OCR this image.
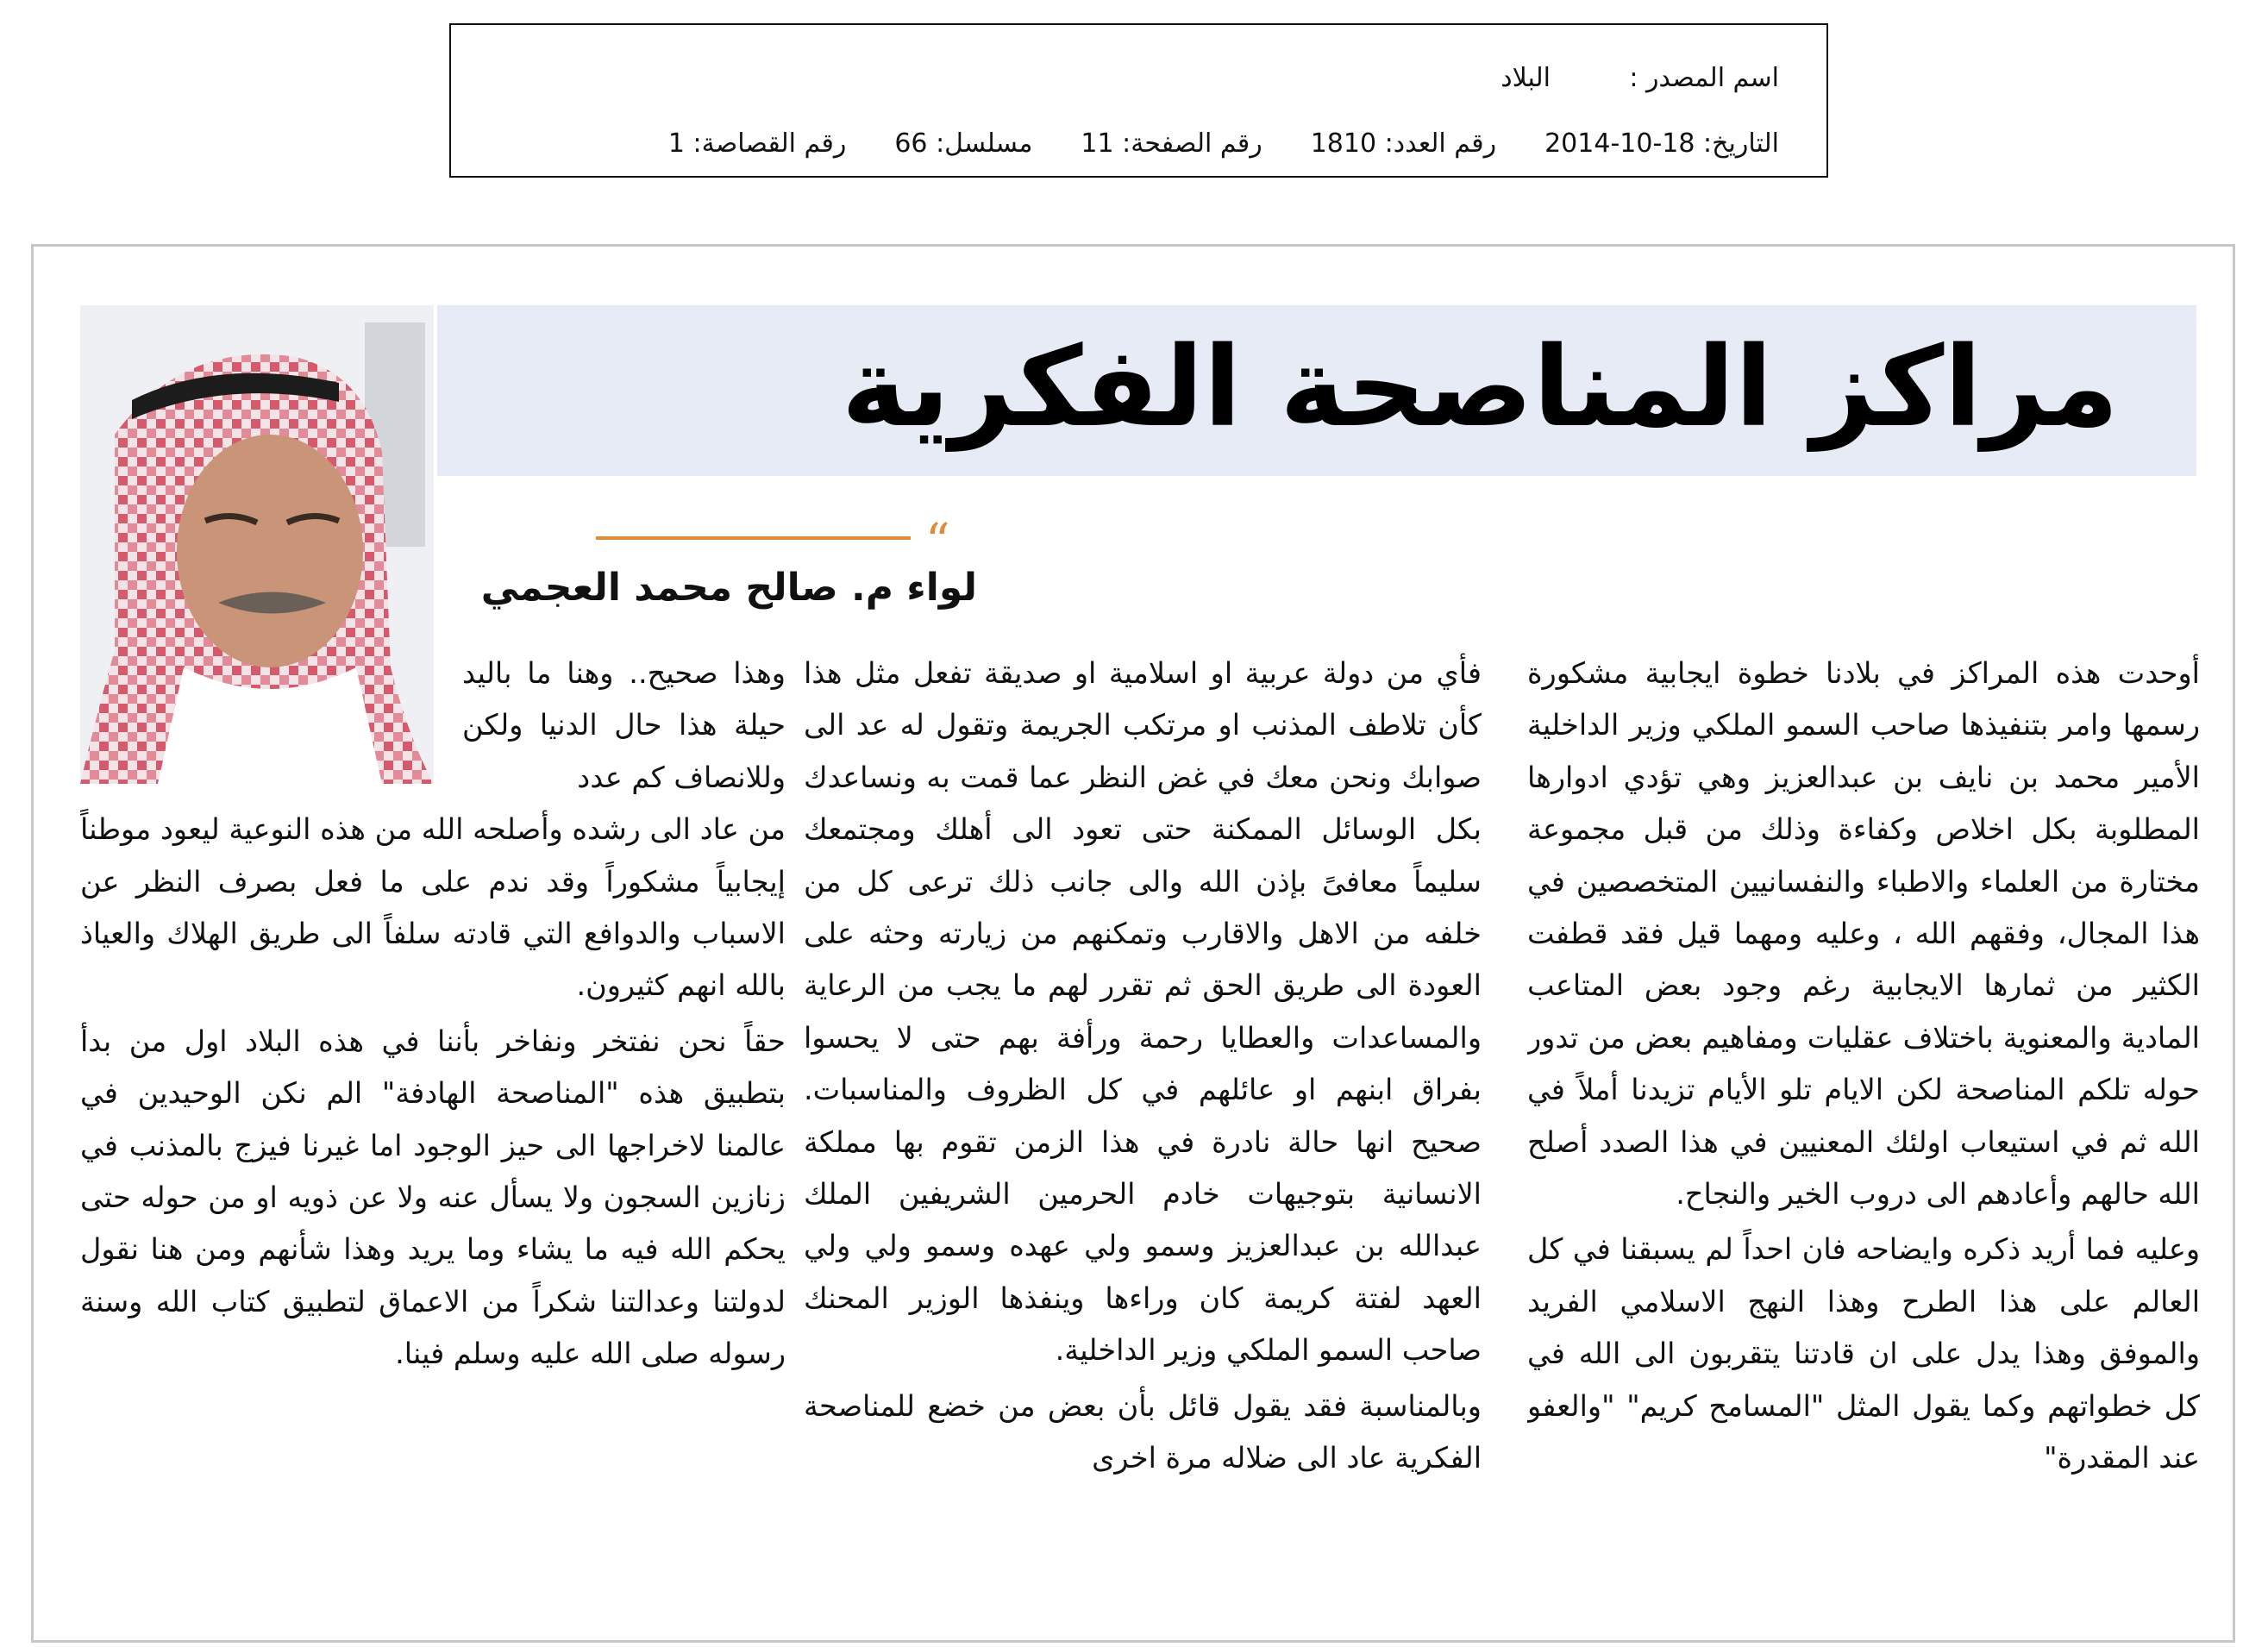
اسم المصدر :
البلاد
التاريخ: 18-10-2014
رقم العدد: 1810
رقم الصفحة: 11
مسلسل: 66
رقم القصاصة: 1
مراكز المناصحة الفكرية
“
لواء م. صالح محمد العجمي

أوحدت هذه المراكز في بلادنا خطوة ايجابية مشكورة رسمها وامر بتنفيذها صاحب السمو الملكي وزير الداخلية الأمير محمد بن نايف بن عبدالعزيز وهي تؤدي ادوارها المطلوبة بكل اخلاص وكفاءة وذلك من قبل مجموعة مختارة من العلماء والاطباء والنفسانيين المتخصصين في هذا المجال، وفقهم الله ، وعليه ومهما قيل فقد قطفت الكثير من ثمارها الايجابية رغم وجود بعض المتاعب المادية والمعنوية باختلاف عقليات ومفاهيم بعض من تدور حوله تلكم المناصحة لكن الايام تلو الأيام تزيدنا أملاً في الله ثم في استيعاب اولئك المعنيين في هذا الصدد أصلح الله حالهم وأعادهم الى دروب الخير والنجاح.

وعليه فما أريد ذكره وايضاحه فان احداً لم يسبقنا في كل العالم على هذا الطرح وهذا النهج الاسلامي الفريد والموفق وهذا يدل على ان قادتنا يتقربون الى الله في كل خطواتهم وكما يقول المثل "المسامح كريم" "والعفو عند المقدرة"

فأي من دولة عربية او اسلامية او صديقة تفعل مثل هذا كأن تلاطف المذنب او مرتكب الجريمة وتقول له عد الى صوابك ونحن معك في غض النظر عما قمت به ونساعدك بكل الوسائل الممكنة حتى تعود الى أهلك ومجتمعك سليماً معافىً بإذن الله والى جانب ذلك ترعى كل من خلفه من الاهل والاقارب وتمكنهم من زيارته وحثه على العودة الى طريق الحق ثم تقرر لهم ما يجب من الرعاية والمساعدات والعطايا رحمة ورأفة بهم حتى لا يحسوا بفراق ابنهم او عائلهم في كل الظروف والمناسبات. صحيح انها حالة نادرة في هذا الزمن تقوم بها مملكة الانسانية بتوجيهات خادم الحرمين الشريفين الملك عبدالله بن عبدالعزيز وسمو ولي عهده وسمو ولي ولي العهد لفتة كريمة كان وراءها وينفذها الوزير المحنك صاحب السمو الملكي وزير الداخلية.

وبالمناسبة فقد يقول قائل بأن بعض من خضع للمناصحة الفكرية عاد الى ضلاله مرة اخرى

وهذا صحيح.. وهنا ما باليد حيلة هذا حال الدنيا ولكن وللانصاف كم عدد

من عاد الى رشده وأصلحه الله من هذه النوعية ليعود موطناً إيجابياً مشكوراً وقد ندم على ما فعل بصرف النظر عن الاسباب والدوافع التي قادته سلفاً الى طريق الهلاك والعياذ بالله انهم كثيرون.

حقاً نحن نفتخر ونفاخر بأننا في هذه البلاد اول من بدأ بتطبيق هذه "المناصحة الهادفة" الم نكن الوحيدين في عالمنا لاخراجها الى حيز الوجود اما غيرنا فيزج بالمذنب في زنازين السجون ولا يسأل عنه ولا عن ذويه او من حوله حتى يحكم الله فيه ما يشاء وما يريد وهذا شأنهم ومن هنا نقول لدولتنا وعدالتنا شكراً من الاعماق لتطبيق كتاب الله وسنة رسوله صلى الله عليه وسلم فينا.
